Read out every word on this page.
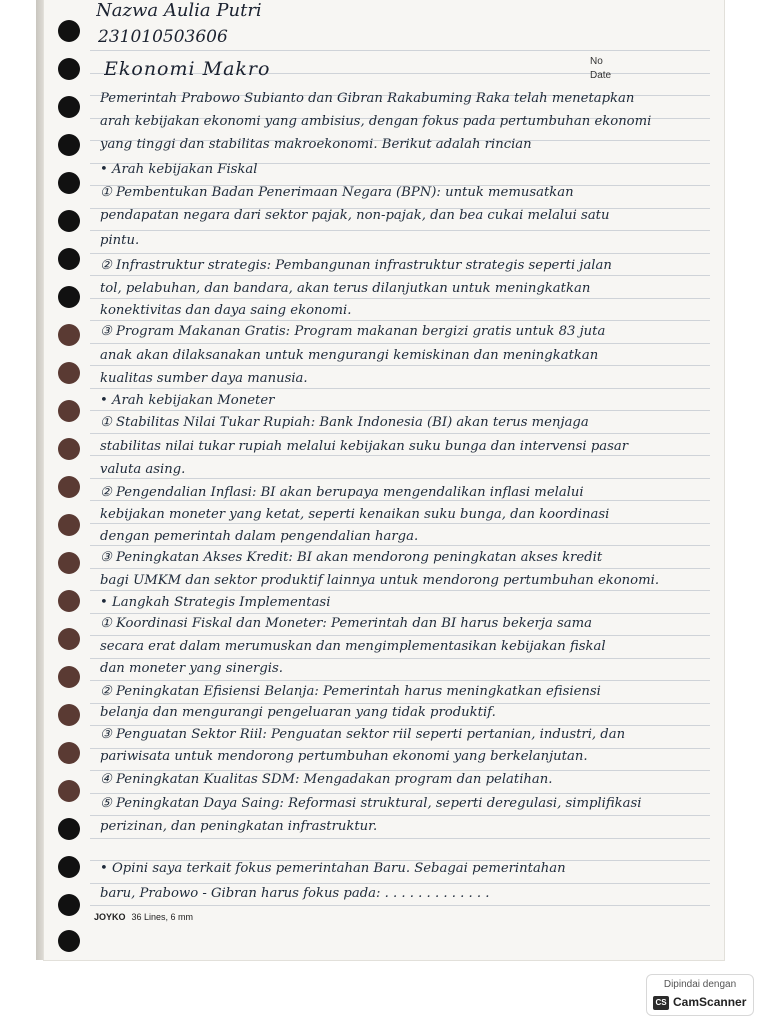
Nazwa Aulia Putri
231010503606
Ekonomi Makro	No
Date
Pemerintah Prabowo Subianto dan Gibran Rakabuming Raka telah menetapkan
arah kebijakan ekonomi yang ambisius, dengan fokus pada pertumbuhan ekonomi
yang tinggi dan stabilitas makroekonomi. Berikut adalah rincian
• Arah kebijakan Fiskal
① Pembentukan Badan Penerimaan Negara (BPN): untuk memusatkan
pendapatan negara dari sektor pajak, non-pajak, dan bea cukai melalui satu
pintu.
② Infrastruktur strategis: Pembangunan infrastruktur strategis seperti jalan
tol, pelabuhan, dan bandara, akan terus dilanjutkan untuk meningkatkan
konektivitas dan daya saing ekonomi.
③ Program Makanan Gratis: Program makanan bergizi gratis untuk 83 juta
anak akan dilaksanakan untuk mengurangi kemiskinan dan meningkatkan
kualitas sumber daya manusia.
• Arah kebijakan Moneter
① Stabilitas Nilai Tukar Rupiah: Bank Indonesia (BI) akan terus menjaga
stabilitas nilai tukar rupiah melalui kebijakan suku bunga dan intervensi pasar
valuta asing.
② Pengendalian Inflasi: BI akan berupaya mengendalikan inflasi melalui
kebijakan moneter yang ketat, seperti kenaikan suku bunga, dan koordinasi
dengan pemerintah dalam pengendalian harga.
③ Peningkatan Akses Kredit: BI akan mendorong peningkatan akses kredit
bagi UMKM dan sektor produktif lainnya untuk mendorong pertumbuhan ekonomi.
• Langkah Strategis Implementasi
① Koordinasi Fiskal dan Moneter: Pemerintah dan BI harus bekerja sama
secara erat dalam merumuskan dan mengimplementasikan kebijakan fiskal
dan moneter yang sinergis.
② Peningkatan Efisiensi Belanja: Pemerintah harus meningkatkan efisiensi
belanja dan mengurangi pengeluaran yang tidak produktif.
③ Penguatan Sektor Riil: Penguatan sektor riil seperti pertanian, industri, dan
pariwisata untuk mendorong pertumbuhan ekonomi yang berkelanjutan.
④ Peningkatan Kualitas SDM: Mengadakan program dan pelatihan.
⑤ Peningkatan Daya Saing: Reformasi struktural, seperti deregulasi, simplifikasi
perizinan, dan peningkatan infrastruktur.
• Opini saya terkait fokus pemerintahan Baru. Sebagai pemerintahan
baru, Prabowo - Gibran harus fokus pada: . . . . . . . . . . . . .
JOYKO 36 Lines, 6 mm
Dipindai dengan
CS CamScanner
